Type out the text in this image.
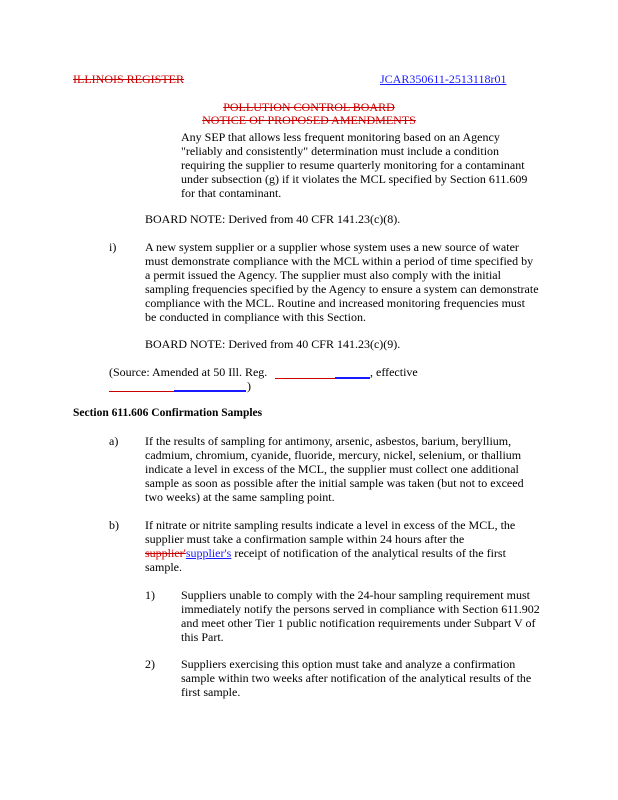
ILLINOIS REGISTER	JCAR350611-2513118r01
POLLUTION CONTROL BOARD
NOTICE OF PROPOSED AMENDMENTS
Any SEP that allows less frequent monitoring based on an Agency
"reliably and consistently" determination must include a condition
requiring the supplier to resume quarterly monitoring for a contaminant
under subsection (g) if it violates the MCL specified by Section 611.609
for that contaminant.
BOARD NOTE: Derived from 40 CFR 141.23(c)(8).
i)	A new system supplier or a supplier whose system uses a new source of water
must demonstrate compliance with the MCL within a period of time specified by
a permit issued the Agency. The supplier must also comply with the initial
sampling frequencies specified by the Agency to ensure a system can demonstrate
compliance with the MCL. Routine and increased monitoring frequencies must
be conducted in compliance with this Section.
BOARD NOTE: Derived from 40 CFR 141.23(c)(9).
(Source: Amended at 50 Ill. Reg.	, effective
)
Section 611.606 Confirmation Samples
a)	If the results of sampling for antimony, arsenic, asbestos, barium, beryllium,
cadmium, chromium, cyanide, fluoride, mercury, nickel, selenium, or thallium
indicate a level in excess of the MCL, the supplier must collect one additional
sample as soon as possible after the initial sample was taken (but not to exceed
two weeks) at the same sampling point.
b)	If nitrate or nitrite sampling results indicate a level in excess of the MCL, the
supplier must take a confirmation sample within 24 hours after the
supplier'supplier's receipt of notification of the analytical results of the first
sample.
1)	Suppliers unable to comply with the 24-hour sampling requirement must
immediately notify the persons served in compliance with Section 611.902
and meet other Tier 1 public notification requirements under Subpart V of
this Part.
2)	Suppliers exercising this option must take and analyze a confirmation
sample within two weeks after notification of the analytical results of the
first sample.
